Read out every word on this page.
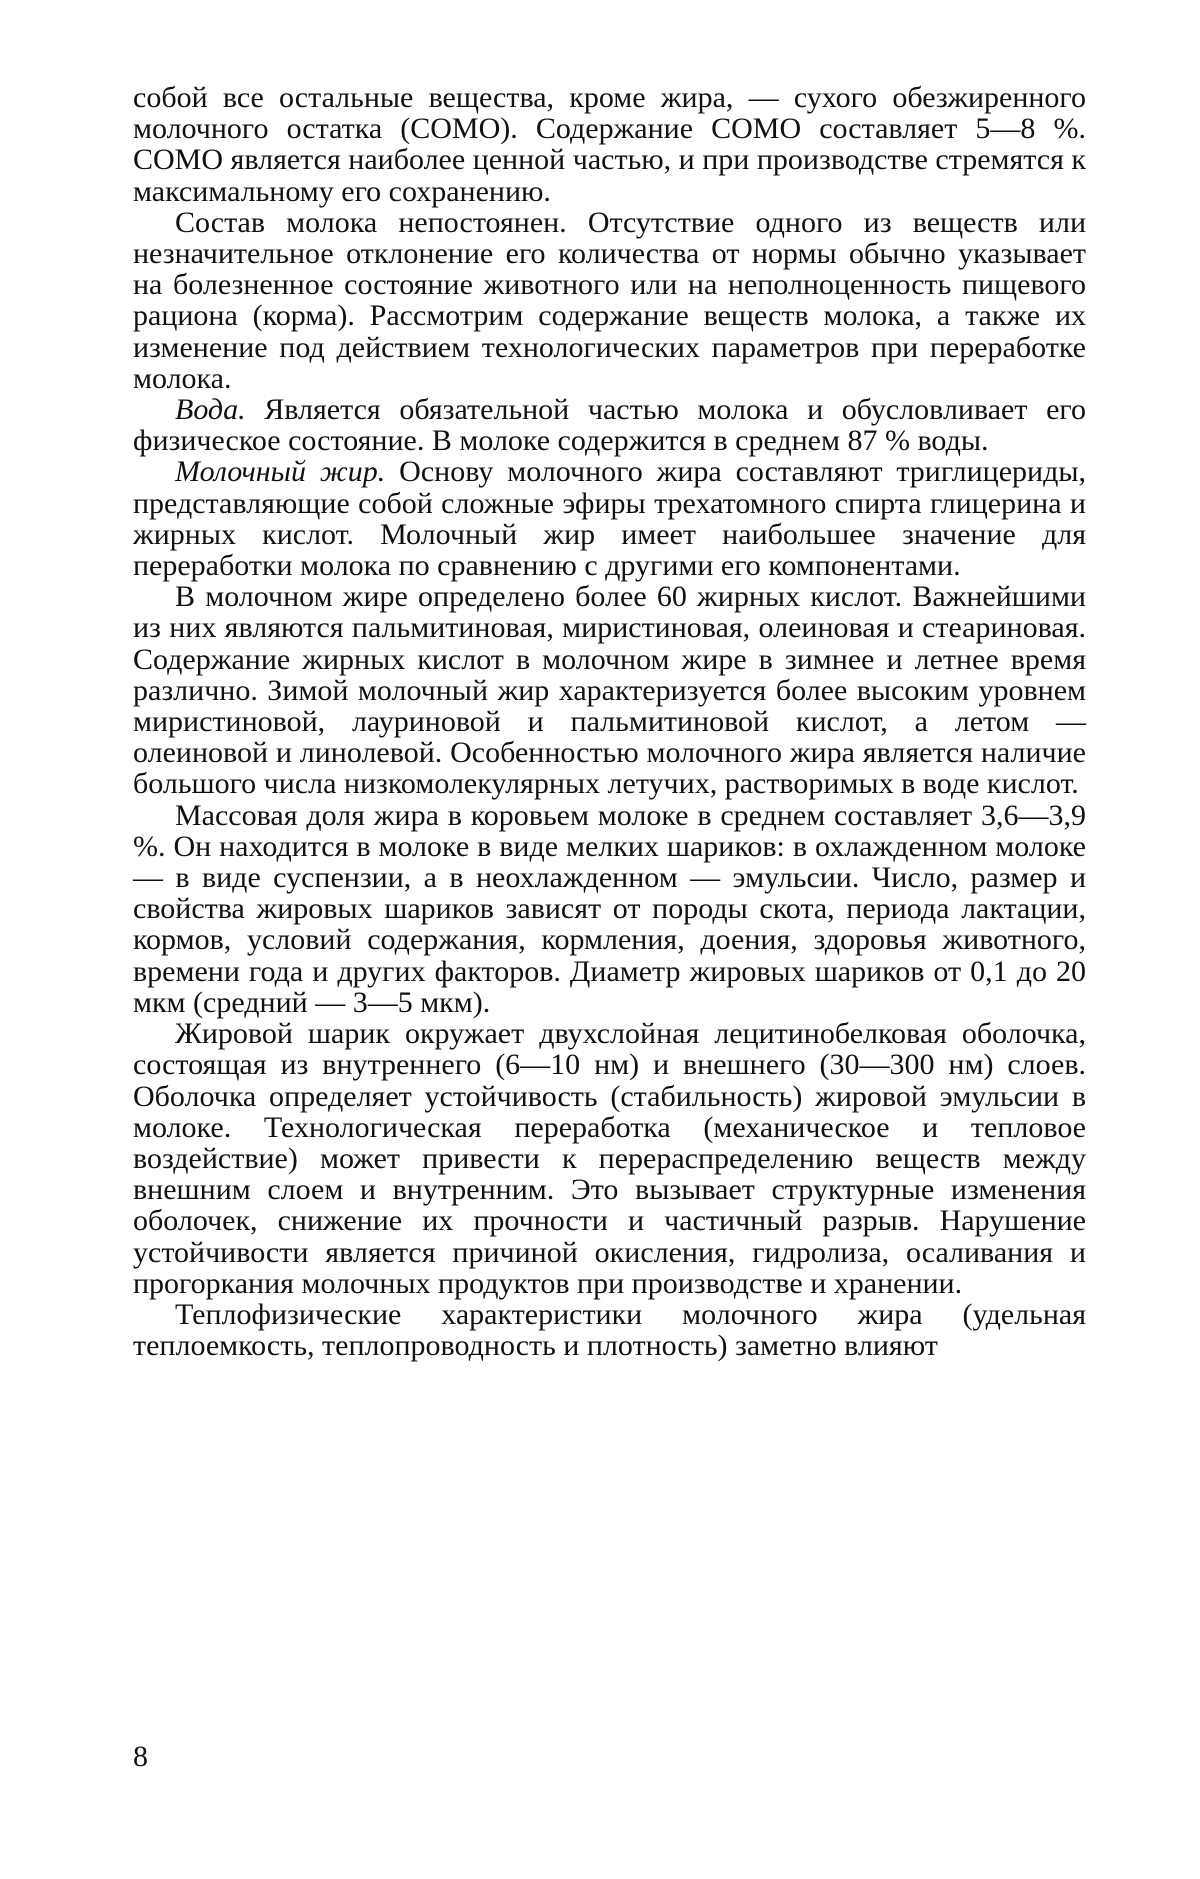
собой все остальные вещества, кроме жира, — сухого обезжиренного молочного остатка (СОМО). Содержание СОМО составляет 5—8 %. СОМО является наиболее ценной частью, и при производстве стремятся к максимальному его сохранению.

Состав молока непостоянен. Отсутствие одного из веществ или незначительное отклонение его количества от нормы обычно указывает на болезненное состояние животного или на неполноценность пищевого рациона (корма). Рассмотрим содержание веществ молока, а также их изменение под действием технологических параметров при переработке молока.

Вода. Является обязательной частью молока и обусловливает его физическое состояние. В молоке содержится в среднем 87 % воды.

Молочный жир. Основу молочного жира составляют триглицериды, представляющие собой сложные эфиры трехатомного спирта глицерина и жирных кислот. Молочный жир имеет наибольшее значение для переработки молока по сравнению с другими его компонентами.

В молочном жире определено более 60 жирных кислот. Важнейшими из них являются пальмитиновая, миристиновая, олеиновая и стеариновая. Содержание жирных кислот в молочном жире в зимнее и летнее время различно. Зимой молочный жир характеризуется более высоким уровнем миристиновой, лауриновой и пальмитиновой кислот, а летом — олеиновой и линолевой. Особенностью молочного жира является наличие большого числа низкомолекулярных летучих, растворимых в воде кислот.

Массовая доля жира в коровьем молоке в среднем составляет 3,6—3,9 %. Он находится в молоке в виде мелких шариков: в охлажденном молоке — в виде суспензии, а в неохлажденном — эмульсии. Число, размер и свойства жировых шариков зависят от породы скота, периода лактации, кормов, условий содержания, кормления, доения, здоровья животного, времени года и других факторов. Диаметр жировых шариков от 0,1 до 20 мкм (средний — 3—5 мкм).

Жировой шарик окружает двухслойная лецитинобелковая оболочка, состоящая из внутреннего (6—10 нм) и внешнего (30—300 нм) слоев. Оболочка определяет устойчивость (стабильность) жировой эмульсии в молоке. Технологическая переработка (механическое и тепловое воздействие) может привести к перераспределению веществ между внешним слоем и внутренним. Это вызывает структурные изменения оболочек, снижение их прочности и частичный разрыв. Нарушение устойчивости является причиной окисления, гидролиза, осаливания и прогоркания молочных продуктов при производстве и хранении.

Теплофизические характеристики молочного жира (удельная теплоемкость, теплопроводность и плотность) заметно влияют

8
